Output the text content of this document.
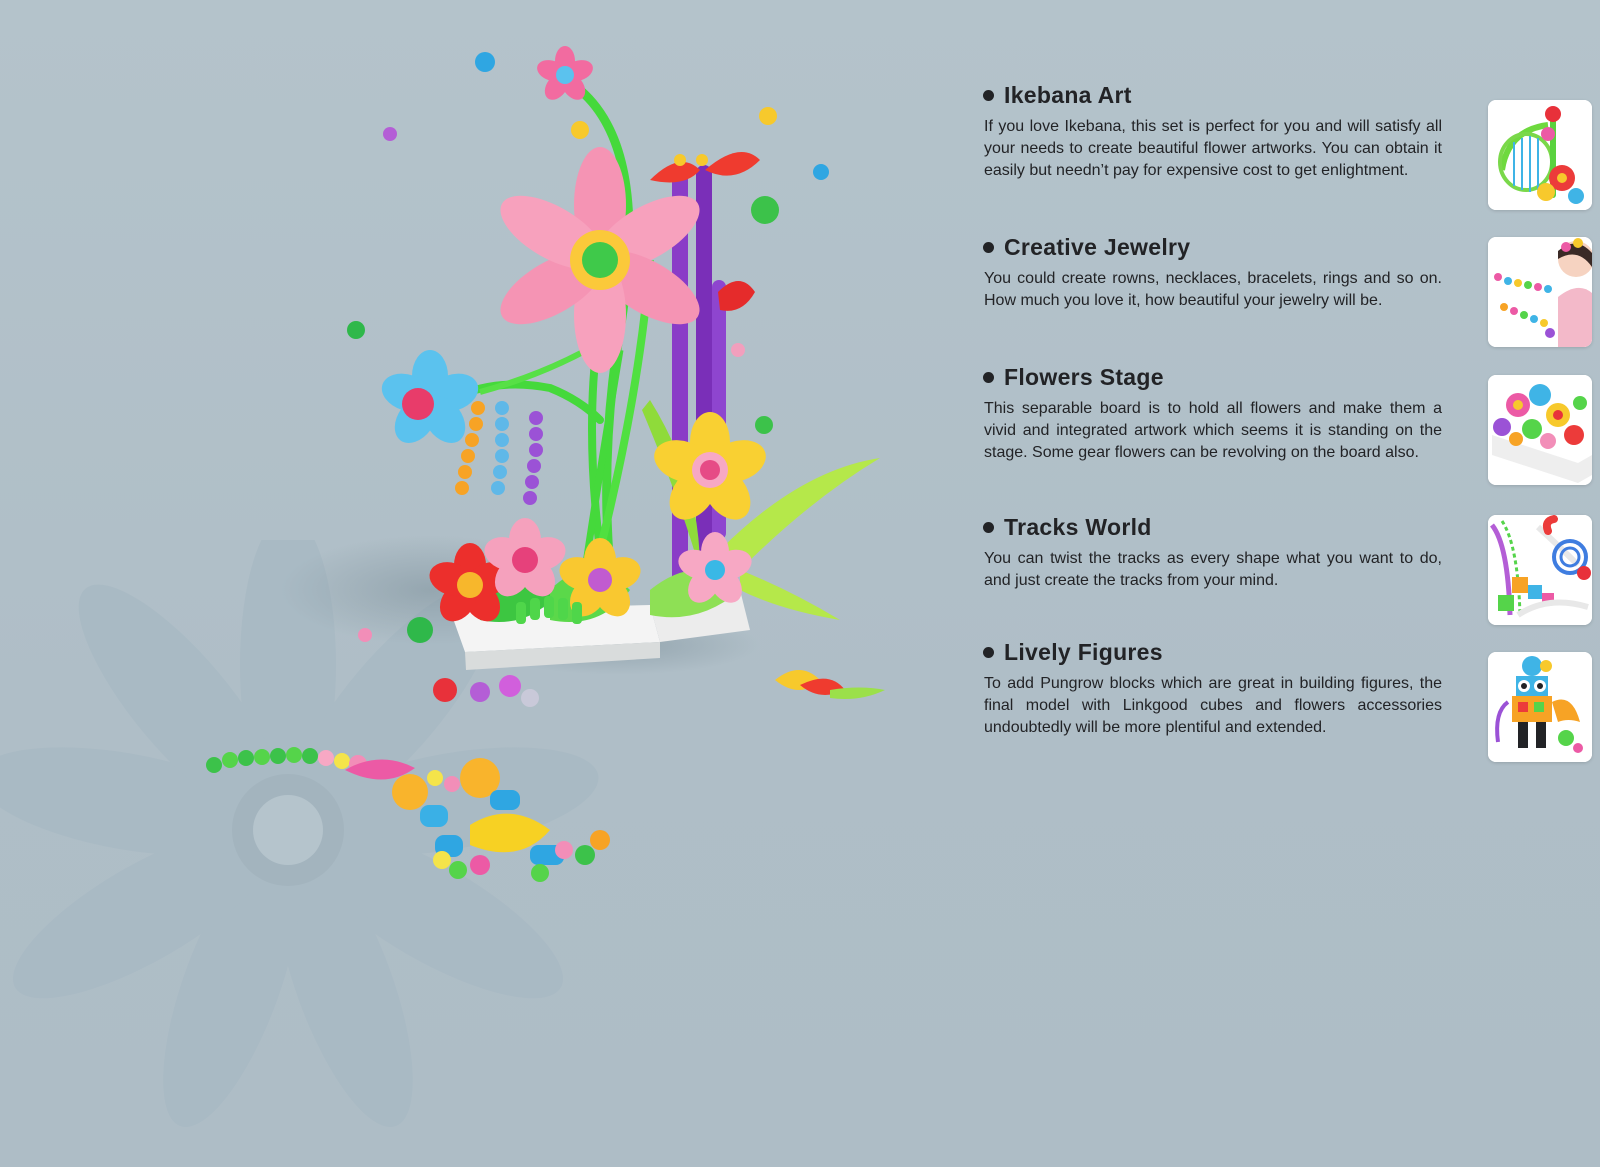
Ikebana Art

If you love Ikebana, this set is perfect for you and will satisfy all your needs to create beautiful flower artworks. You can obtain it easily but needn’t pay for expensive cost to get enlightment.

Creative Jewelry

You could create rowns, necklaces, bracelets, rings and so on. How much you love it, how beautiful your jewelry will be.

Flowers Stage

This separable board is to hold all flowers and make them a vivid and integrated artwork which seems it is standing on the stage. Some gear flowers can be revolving on the board also.

Tracks World

You can twist the tracks as every shape what you want to do, and just create the tracks from your mind.

Lively Figures

To add Pungrow blocks which are great in building figures, the final model with Linkgood cubes and flowers accessories undoubtedly will be more plentiful and extended.
